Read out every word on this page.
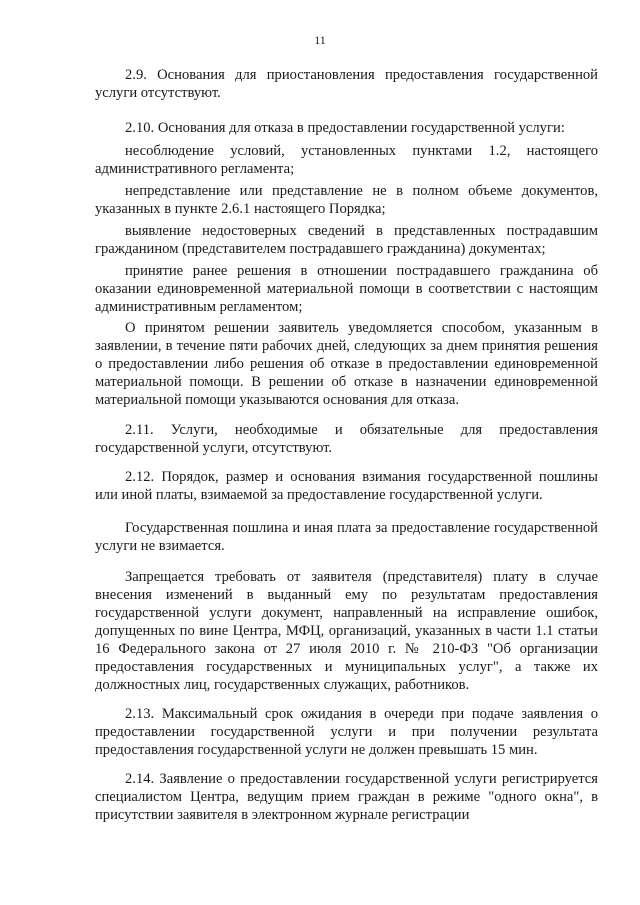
11

2.9. Основания для приостановления предоставления государственной услуги отсутствуют.

2.10. Основания для отказа в предоставлении государственной услуги:

несоблюдение условий, установленных пунктами 1.2, настоящего административного регламента;

непредставление или представление не в полном объеме документов, указанных в пункте 2.6.1 настоящего Порядка;

выявление недостоверных сведений в представленных пострадавшим гражданином (представителем пострадавшего гражданина) документах;

принятие ранее решения в отношении пострадавшего гражданина об оказании единовременной материальной помощи в соответствии с настоящим административным регламентом;

О принятом решении заявитель уведомляется способом, указанным в заявлении, в течение пяти рабочих дней, следующих за днем принятия решения о предоставлении либо решения об отказе в предоставлении единовременной материальной помощи. В решении об отказе в назначении единовременной материальной помощи указываются основания для отказа.

2.11. Услуги, необходимые и обязательные для предоставления государственной услуги, отсутствуют.

2.12. Порядок, размер и основания взимания государственной пошлины или иной платы, взимаемой за предоставление государственной услуги.

Государственная пошлина и иная плата за предоставление государственной услуги не взимается.

Запрещается требовать от заявителя (представителя) плату в случае внесения изменений в выданный ему по результатам предоставления государственной услуги документ, направленный на исправление ошибок, допущенных по вине Центра, МФЦ, организаций, указанных в части 1.1 статьи 16 Федерального закона от 27 июля 2010 г. № 210-ФЗ "Об организации предоставления государственных и муниципальных услуг", а также их должностных лиц, государственных служащих, работников.

2.13. Максимальный срок ожидания в очереди при подаче заявления о предоставлении государственной услуги и при получении результата предоставления государственной услуги не должен превышать 15 мин.

2.14. Заявление о предоставлении государственной услуги регистрируется специалистом Центра, ведущим прием граждан в режиме "одного окна", в присутствии заявителя в электронном журнале регистрации
